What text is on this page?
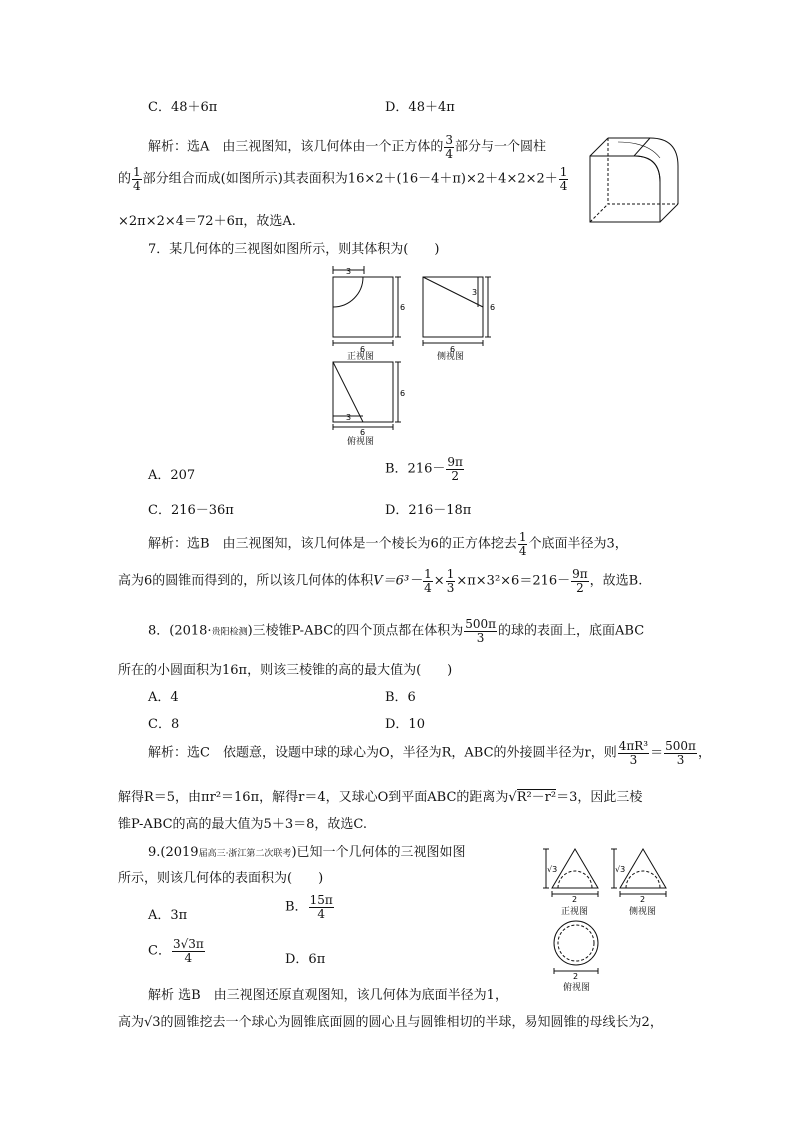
C．48＋6π	D．48＋4π
解析：选A　由三视图知，该几何体由一个正方体的 $\frac{3}{4}$ 部分与一个圆柱
的 $\frac{1}{4}$ 部分组合而成(如图所示)其表面积为$16\times 2+(16-4+\pi)\times 2+4\times 2\times 2+ \frac{1}{4}$
×2π×2×4＝72＋6π，故选A.
7．某几何体的三视图如图所示，则其体积为(　　)
3
6
6
正视图
3
6
6
侧视图
3
6
6
俯视图
A．207	B．$216- \frac{9\pi}{2}$
C．216－36π	D．216－18π
解析：选B　由三视图知，该几何体是一个棱长为6的正方体挖去 $\frac{1}{4}$ 个底面半径为3，
高为6的圆锥而得到的，所以该几何体的体积$V=6^3- \frac{1}{4} \times \frac{1}{3} \times\pi\times 3^2\times 6=216- \frac{9\pi}{2}$ ，故选B.
8．(2018·贵阳检测)三棱锥P-ABC的四个顶点都在体积为 $\frac{500\pi}{3}$ 的球的表面上，底面ABC
所在的小圆面积为16π，则该三棱锥的高的最大值为(　　)
A．4	B．6
C．8	D．10
解析：选C　依题意，设题中球的球心为O，半径为R，ABC的外接圆半径为r，则 $\frac{\text{4πR³}}{3} = \frac{500\pi}{3}$ ，
解得R＝5，由πr²＝16π，解得r＝4，又球心O到平面ABC的距离为√R²－r²＝3，因此三棱
锥P-ABC的高的最大值为5＋3＝8，故选C.
9.(2019届高三·浙江第二次联考)已知一个几何体的三视图如图
所示，则该几何体的表面积为(　　)
√3
2
正视图
√3
2
侧视图
2
俯视图
A．3π
B． $\frac{15\pi}{4}$
C． $\frac{3√3\pi}{4}$	D．6π
解析 选B　由三视图还原直观图知，该几何体为底面半径为1，
高为√3的圆锥挖去一个球心为圆锥底面圆的圆心且与圆锥相切的半球，易知圆锥的母线长为2，
